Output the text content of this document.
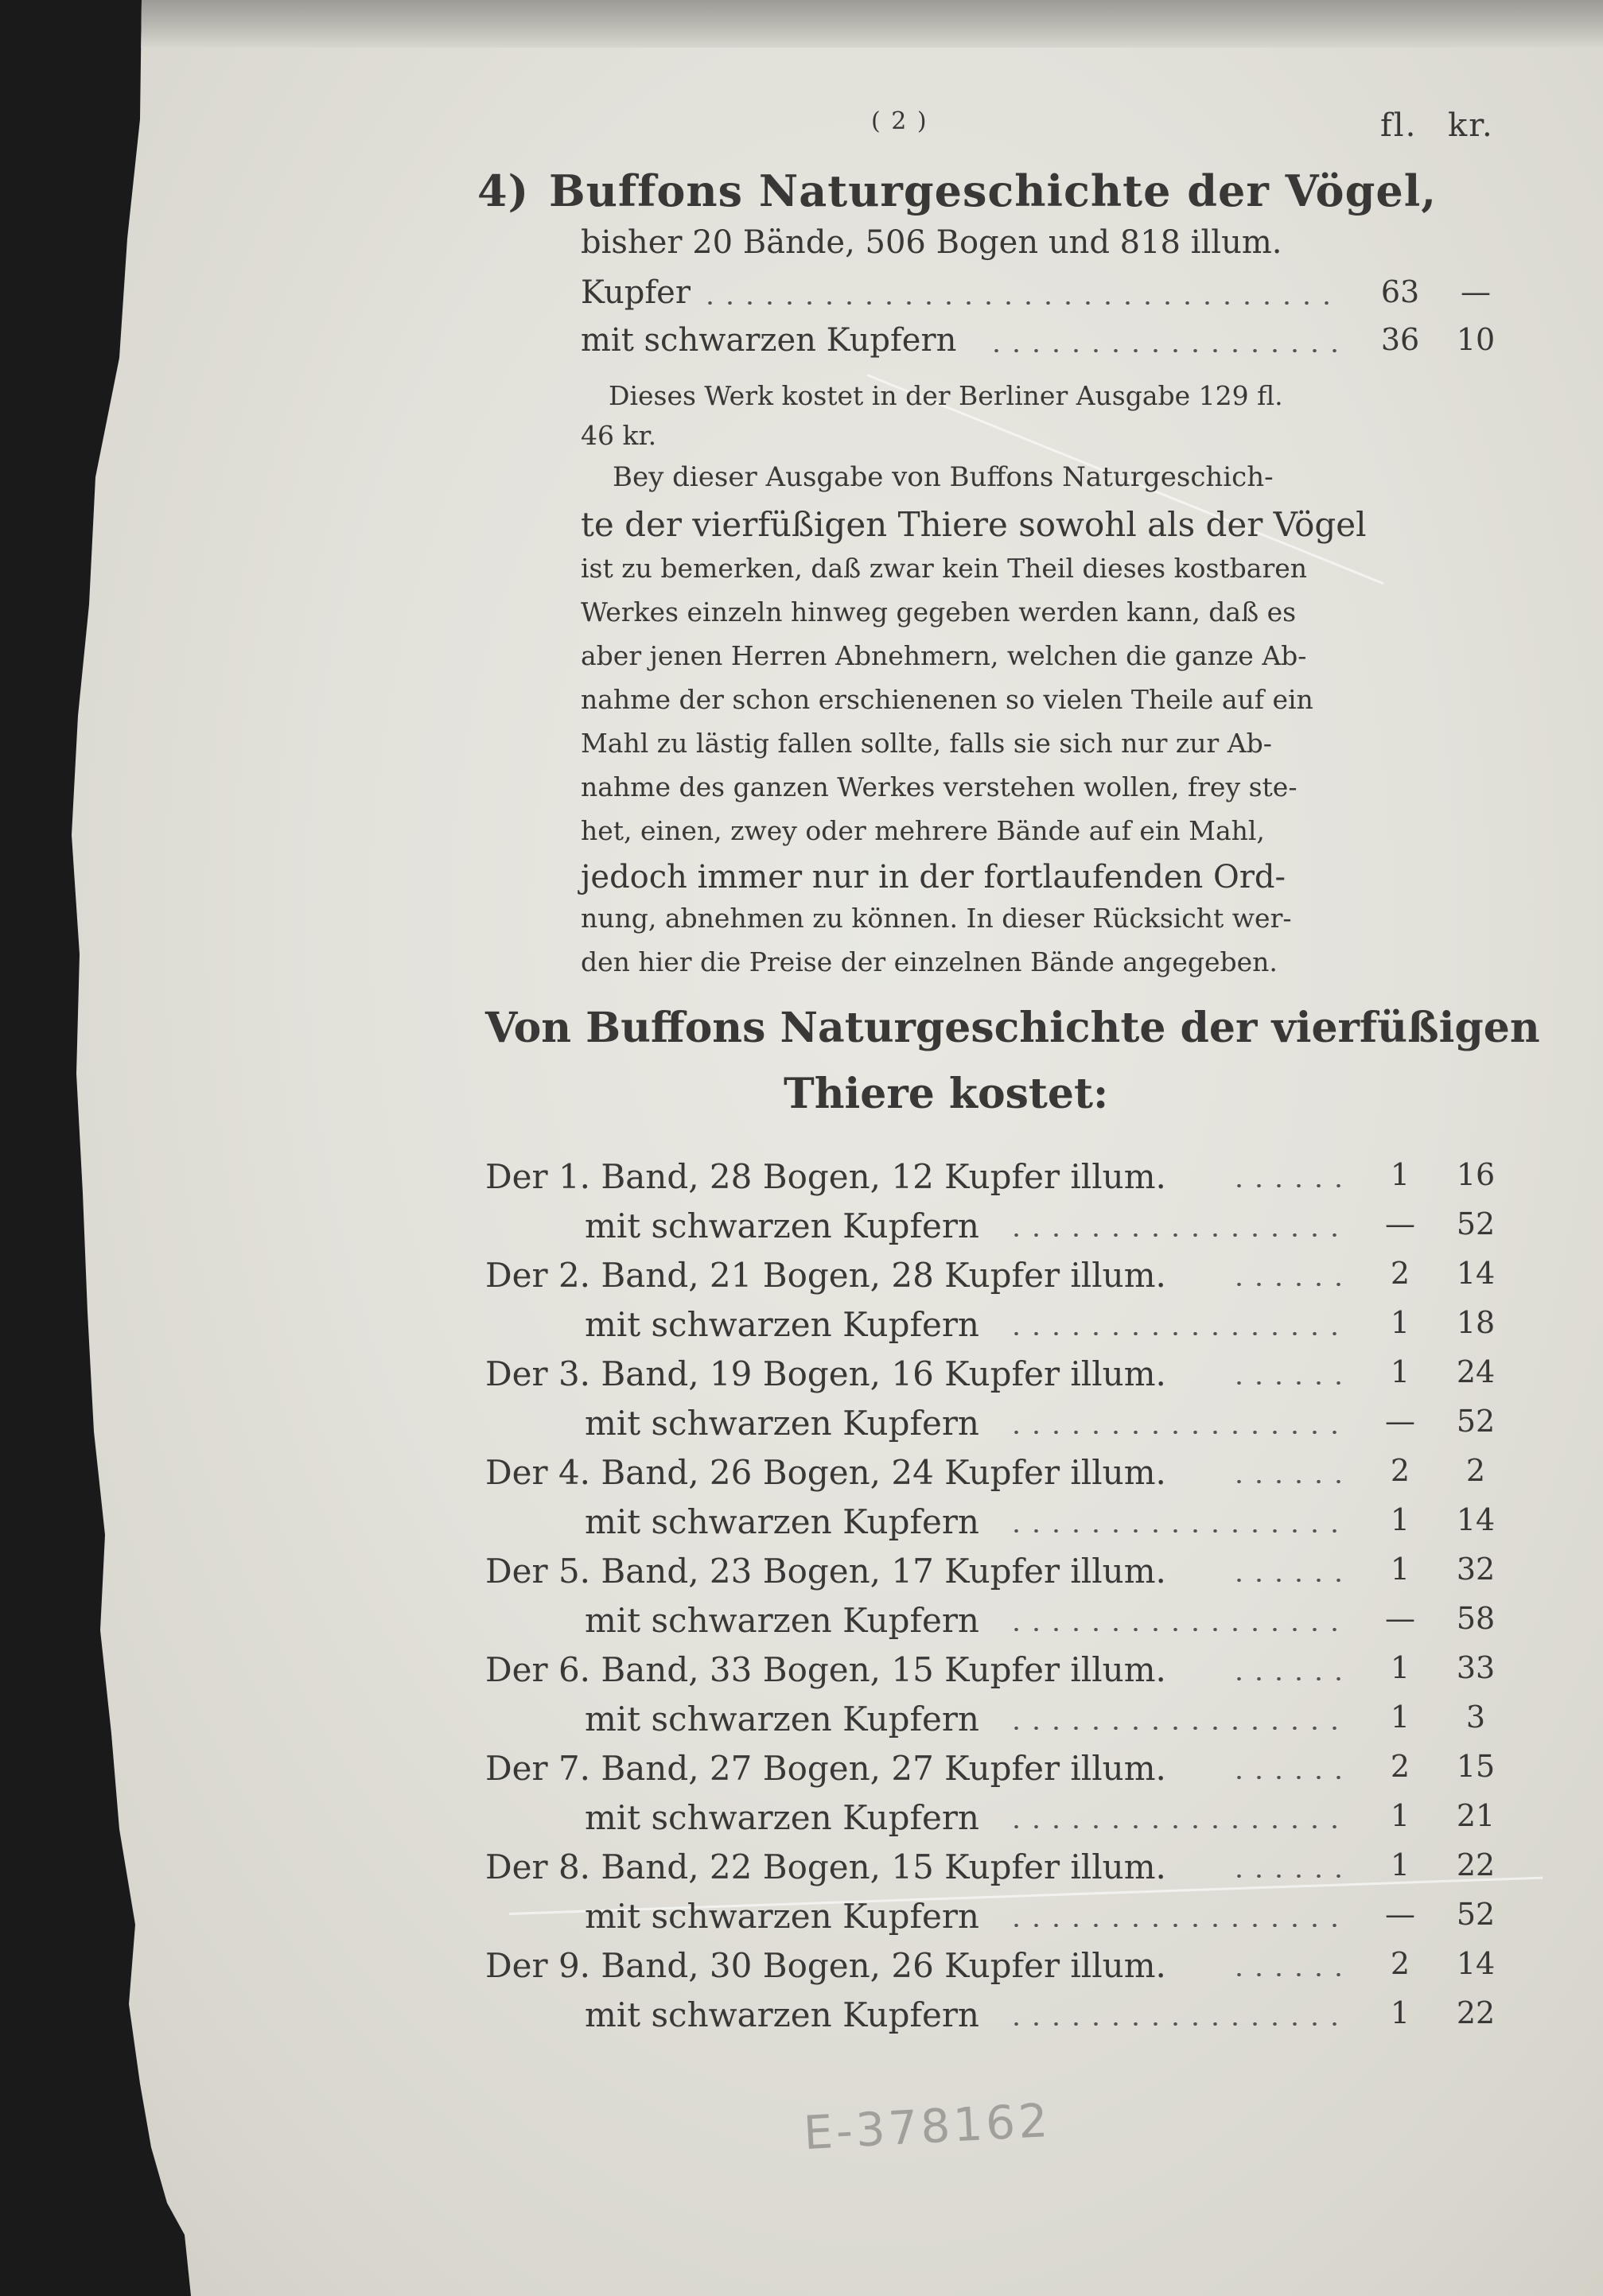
( 2 )	fl. kr.
4) Buffons Naturgeschichte der Vögel,
bisher 20 Bände, 506 Bogen und 818 illum.
Kupfer	63	—
mit schwarzen Kupfern	36	10
Dieses Werk kostet in der Berliner Ausgabe 129 fl.
46 kr.
Bey dieser Ausgabe von Buffons Naturgeschich-
te der vierfüßigen Thiere sowohl als der Vögel
ist zu bemerken, daß zwar kein Theil dieses kostbaren
Werkes einzeln hinweg gegeben werden kann, daß es
aber jenen Herren Abnehmern, welchen die ganze Ab-
nahme der schon erschienenen so vielen Theile auf ein
Mahl zu lästig fallen sollte, falls sie sich nur zur Ab-
nahme des ganzen Werkes verstehen wollen, frey ste-
het, einen, zwey oder mehrere Bände auf ein Mahl,
jedoch immer nur in der fortlaufenden Ord-
nung, abnehmen zu können. In dieser Rücksicht wer-
den hier die Preise der einzelnen Bände angegeben.
Von Buffons Naturgeschichte der vierfüßigen
Thiere kostet:
Der 1. Band, 28 Bogen, 12 Kupfer illum.	1	16
mit schwarzen Kupfern	—	52
Der 2. Band, 21 Bogen, 28 Kupfer illum.	2	14
mit schwarzen Kupfern	1	18
Der 3. Band, 19 Bogen, 16 Kupfer illum.	1	24
mit schwarzen Kupfern	—	52
Der 4. Band, 26 Bogen, 24 Kupfer illum.	2	2
mit schwarzen Kupfern	1	14
Der 5. Band, 23 Bogen, 17 Kupfer illum.	1	32
mit schwarzen Kupfern	—	58
Der 6. Band, 33 Bogen, 15 Kupfer illum.	1	33
mit schwarzen Kupfern	1	3
Der 7. Band, 27 Bogen, 27 Kupfer illum.	2	15
mit schwarzen Kupfern	1	21
Der 8. Band, 22 Bogen, 15 Kupfer illum.	1	22
mit schwarzen Kupfern	—	52
Der 9. Band, 30 Bogen, 26 Kupfer illum.	2	14
mit schwarzen Kupfern	1	22
E-378162
